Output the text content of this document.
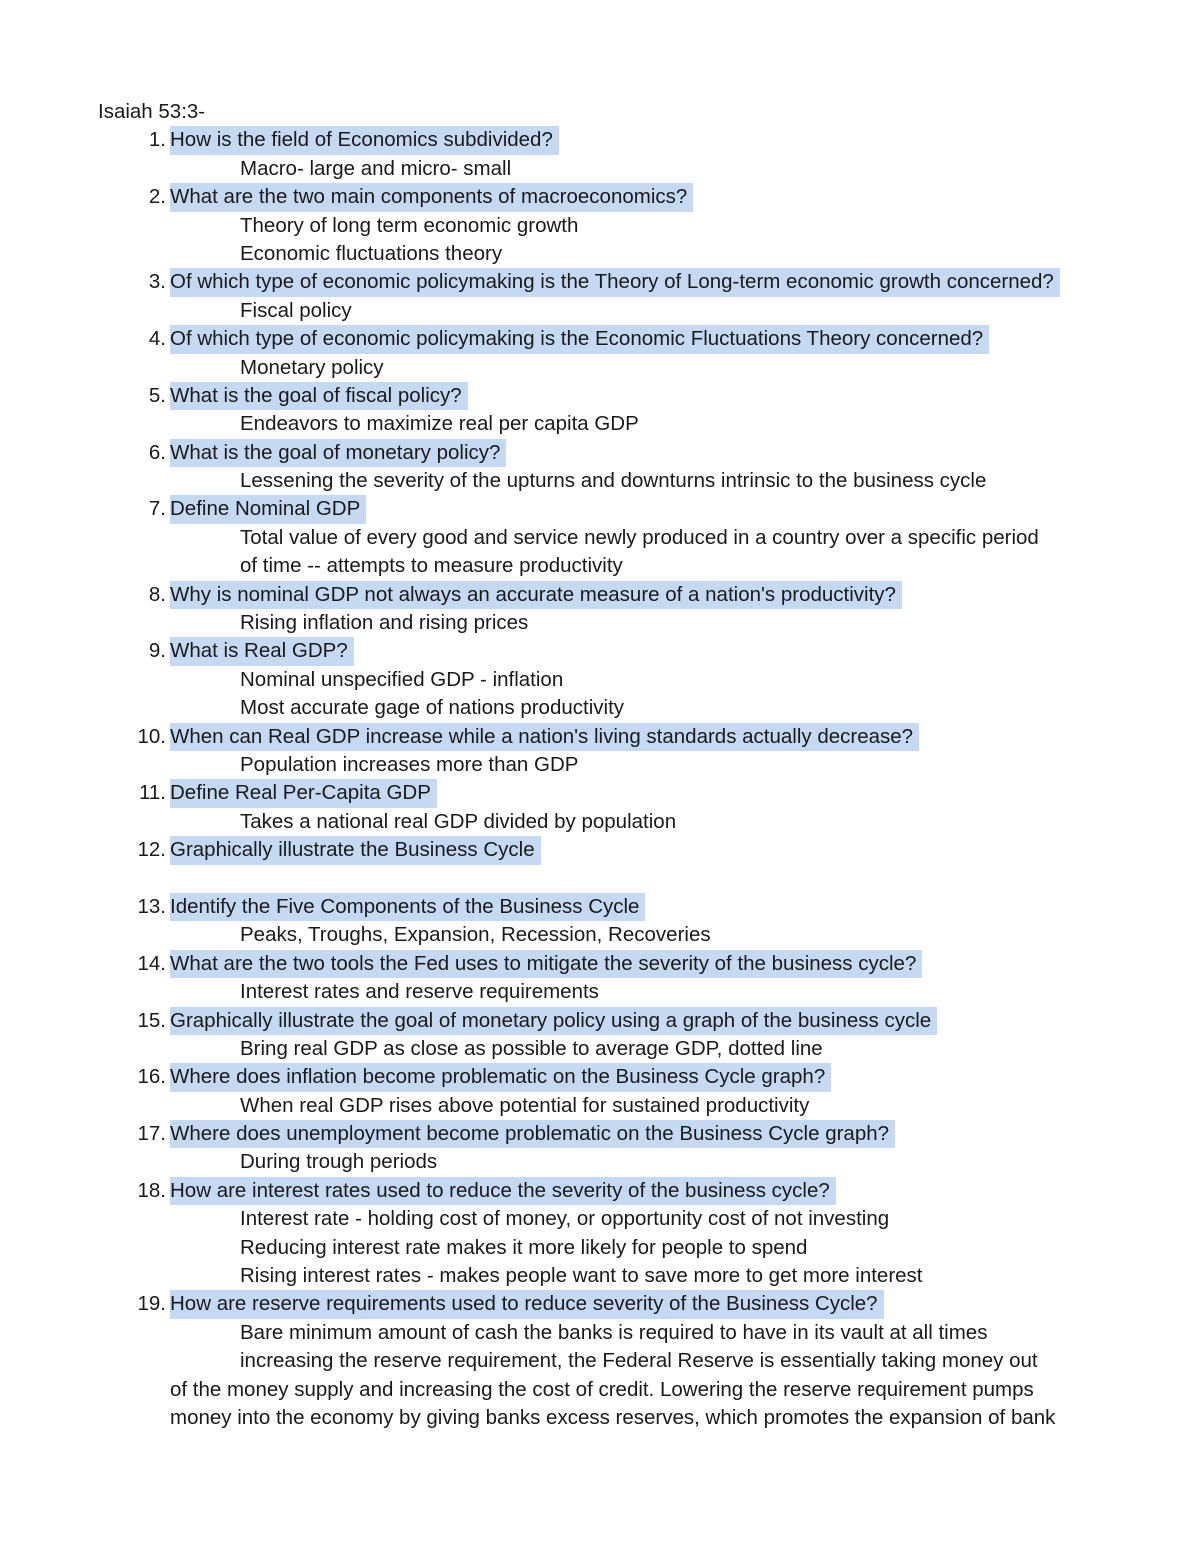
Isaiah 53:3-
1. How is the field of Economics subdivided?
Macro- large and micro- small
2. What are the two main components of macroeconomics?
Theory of long term economic growth
Economic fluctuations theory
3. Of which type of economic policymaking is the Theory of Long-term economic growth concerned?
Fiscal policy
4. Of which type of economic policymaking is the Economic Fluctuations Theory concerned?
Monetary policy
5. What is the goal of fiscal policy?
Endeavors to maximize real per capita GDP
6. What is the goal of monetary policy?
Lessening the severity of the upturns and downturns intrinsic to the business cycle
7. Define Nominal GDP
Total value of every good and service newly produced in a country over a specific period
of time -- attempts to measure productivity
8. Why is nominal GDP not always an accurate measure of a nation's productivity?
Rising inflation and rising prices
9. What is Real GDP?
Nominal unspecified GDP - inflation
Most accurate gage of nations productivity
10. When can Real GDP increase while a nation's living standards actually decrease?
Population increases more than GDP
11. Define Real Per-Capita GDP
Takes a national real GDP divided by population
12. Graphically illustrate the Business Cycle
13. Identify the Five Components of the Business Cycle
Peaks, Troughs, Expansion, Recession, Recoveries
14. What are the two tools the Fed uses to mitigate the severity of the business cycle?
Interest rates and reserve requirements
15. Graphically illustrate the goal of monetary policy using a graph of the business cycle
Bring real GDP as close as possible to average GDP, dotted line
16. Where does inflation become problematic on the Business Cycle graph?
When real GDP rises above potential for sustained productivity
17. Where does unemployment become problematic on the Business Cycle graph?
During trough periods
18. How are interest rates used to reduce the severity of the business cycle?
Interest rate - holding cost of money, or opportunity cost of not investing
Reducing interest rate makes it more likely for people to spend
Rising interest rates - makes people want to save more to get more interest
19. How are reserve requirements used to reduce severity of the Business Cycle?
Bare minimum amount of cash the banks is required to have in its vault at all times
increasing the reserve requirement, the Federal Reserve is essentially taking money out
of the money supply and increasing the cost of credit. Lowering the reserve requirement pumps
money into the economy by giving banks excess reserves, which promotes the expansion of bank
